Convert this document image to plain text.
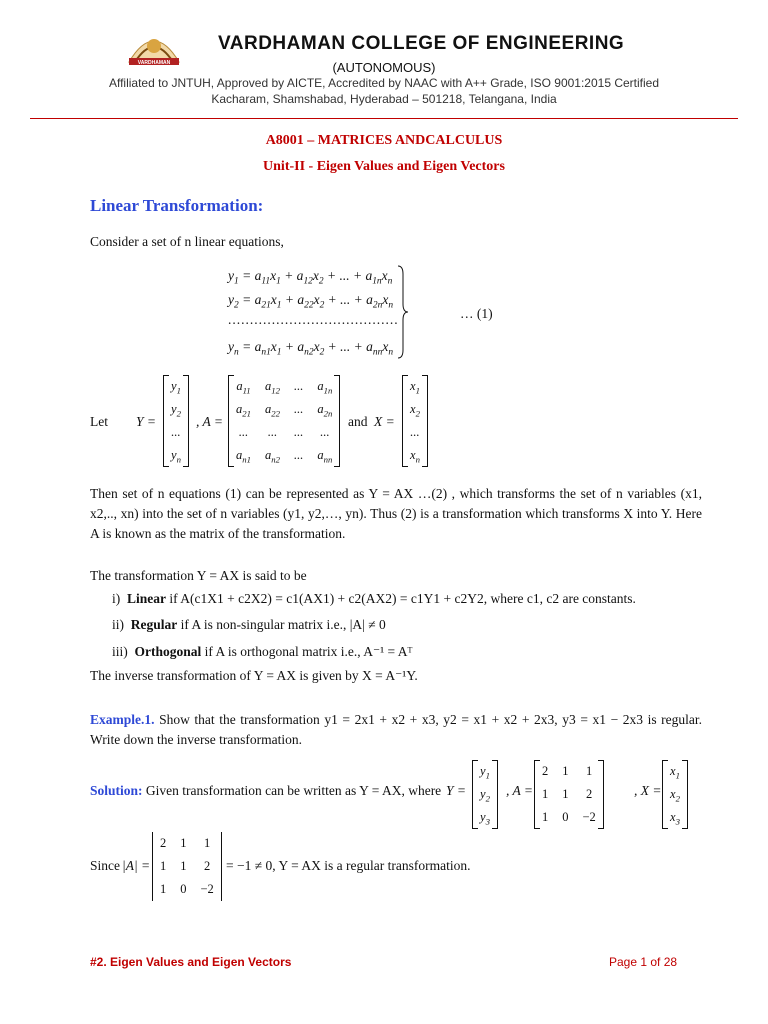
VARDHAMAN
VARDHAMAN COLLEGE OF ENGINEERING
(AUTONOMOUS)
Affiliated to JNTUH, Approved by AICTE, Accredited by NAAC with A++ Grade, ISO 9001:2015 Certified
Kacharam, Shamshabad, Hyderabad – 501218, Telangana, India
A8001 – MATRICES ANDCALCULUS
Unit-II - Eigen Values and Eigen Vectors
Linear Transformation:
Consider a set of n linear equations,
$y_1 = a_{11}x_1 + a_{12}x_2$ + ... + $a_{1n}x_n$
$y_2 = a_{21}x_1 + a_{22}x_2$ + ... + $a_{2n}x_n$
.......................................
$y_n = a_{n1}x_1 + a_{n2}x_2$ + ... + $a_{nn}x_n$
… (1)
Let Y =
$y_1$
$y_2$
...
$y_n$
, A =
$a_{11}$	$a_{12}$	...	$a_{1n}$
$a_{21}$	$a_{22}$	...	$a_{2n}$
...	...	...	...
$a_{n1}$	$a_{n2}$	...	$a_{nn}$
and X =
$x_1$
$x_2$
...
$x_n$
Then set of n equations (1) can be represented as Y = AX …(2) , which transforms the set of n variables (x1, x2,.., xn) into the set of n variables (y1, y2,…, yn). Thus (2) is a transformation which transforms X into Y. Here A is known as the matrix of the transformation.
The transformation Y = AX is said to be
i) Linear if A(c1X1 + c2X2) = c1(AX1) + c2(AX2) = c1Y1 + c2Y2, where c1, c2 are constants.
ii) Regular if A is non-singular matrix i.e., |A| ≠ 0
iii) Orthogonal if A is orthogonal matrix i.e., A⁻¹ = Aᵀ
The inverse transformation of Y = AX is given by X = A⁻¹Y.
Example.1. Show that the transformation y1 = 2x1 + x2 + x3, y2 = x1 + x2 + 2x3, y3 = x1 − 2x3 is regular. Write down the inverse transformation.
Solution: Given transformation can be written as Y = AX, where Y =
$y_1$
$y_2$
$y_3$
, A =
2	1	1
1	1	2
1	0	−2
, X =
$x_1$
$x_2$
$x_3$
Since |A| =
2	1	1
1	1	2
1	0	−2
= −1 ≠ 0, Y = AX is a regular transformation.
#2. Eigen Values and Eigen Vectors	Page 1 of 28
